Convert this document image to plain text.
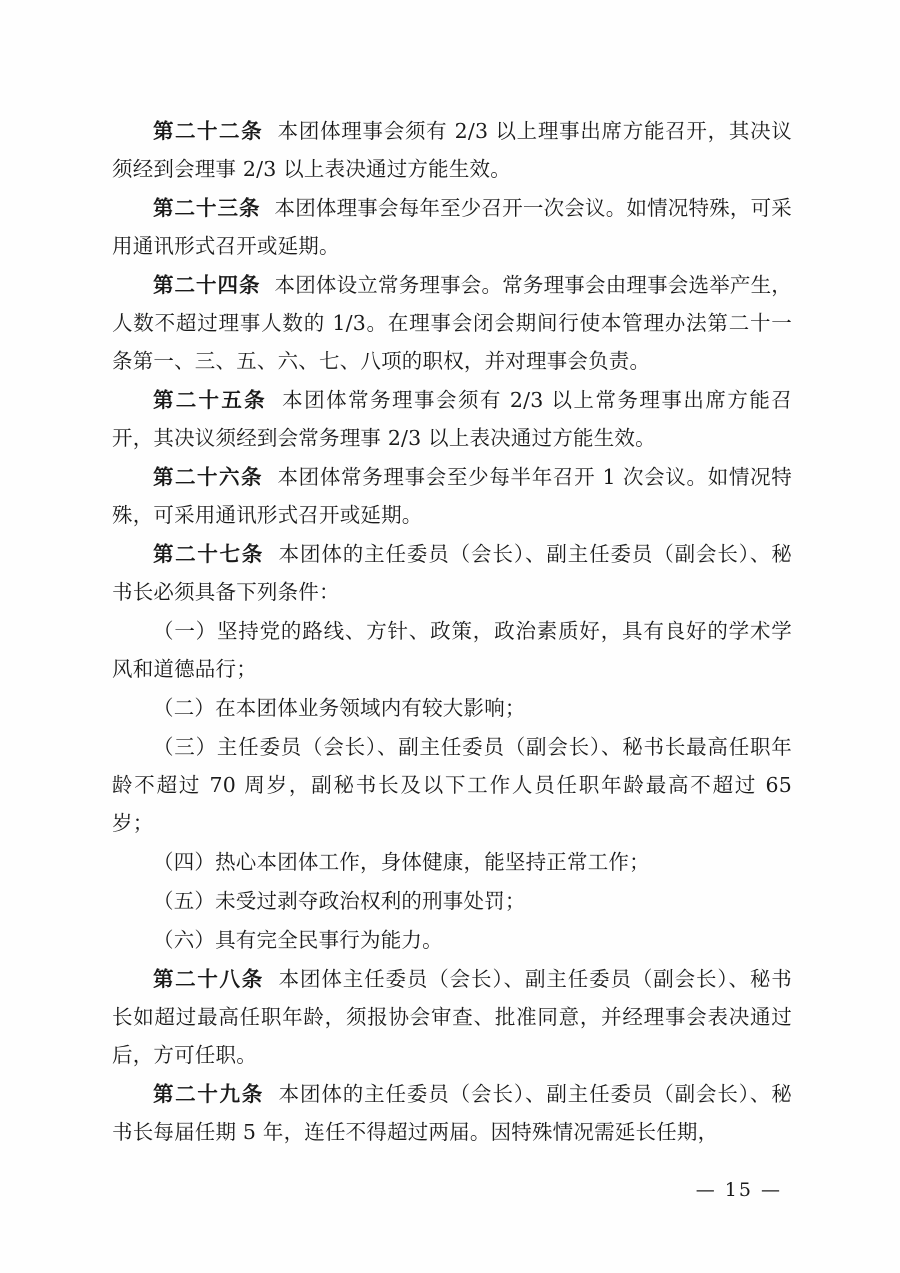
第二十二条 本团体理事会须有 2/3 以上理事出席方能召开，其决议须经到会理事 2/3 以上表决通过方能生效。

第二十三条 本团体理事会每年至少召开一次会议。如情况特殊，可采用通讯形式召开或延期。

第二十四条 本团体设立常务理事会。常务理事会由理事会选举产生，人数不超过理事人数的 1/3。在理事会闭会期间行使本管理办法第二十一条第一、三、五、六、七、八项的职权，并对理事会负责。

第二十五条 本团体常务理事会须有 2/3 以上常务理事出席方能召开，其决议须经到会常务理事 2/3 以上表决通过方能生效。

第二十六条 本团体常务理事会至少每半年召开 1 次会议。如情况特殊，可采用通讯形式召开或延期。

第二十七条 本团体的主任委员（会长）、副主任委员（副会长）、秘书长必须具备下列条件：

（一）坚持党的路线、方针、政策，政治素质好，具有良好的学术学风和道德品行；

（二）在本团体业务领域内有较大影响；

（三）主任委员（会长）、副主任委员（副会长）、秘书长最高任职年龄不超过 70 周岁，副秘书长及以下工作人员任职年龄最高不超过 65 岁；

（四）热心本团体工作，身体健康，能坚持正常工作；

（五）未受过剥夺政治权利的刑事处罚；

（六）具有完全民事行为能力。

第二十八条 本团体主任委员（会长）、副主任委员（副会长）、秘书长如超过最高任职年龄，须报协会审查、批准同意，并经理事会表决通过后，方可任职。

第二十九条 本团体的主任委员（会长）、副主任委员（副会长）、秘书长每届任期 5 年，连任不得超过两届。因特殊情况需延长任期，

— 15 —
